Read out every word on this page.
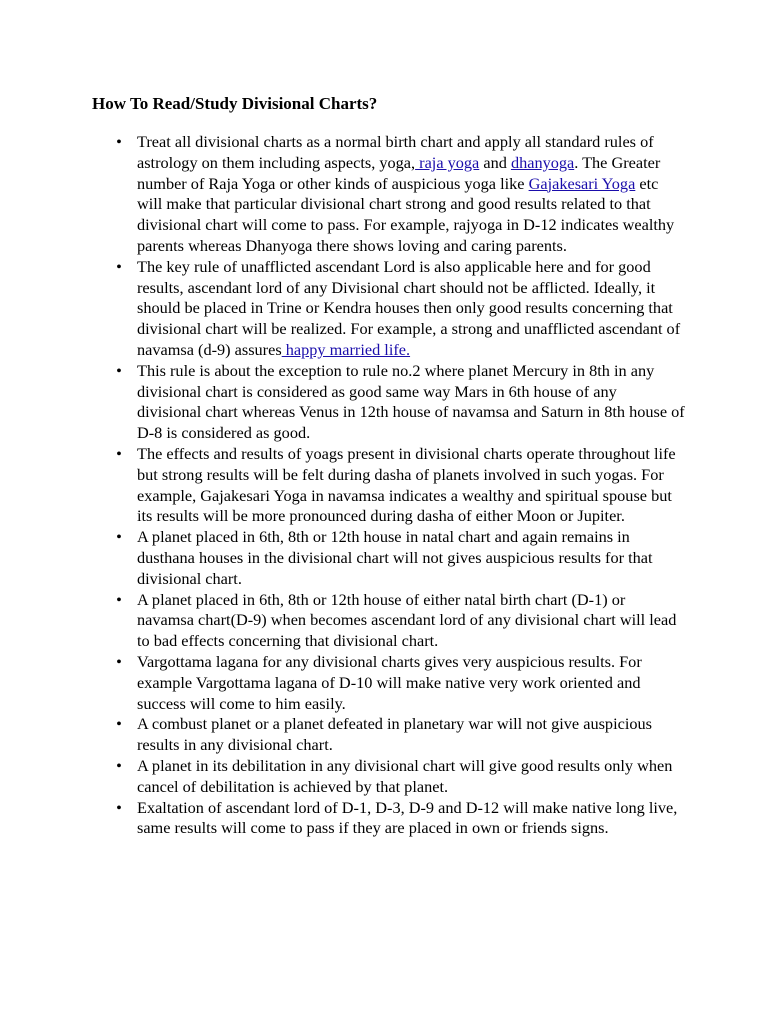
How To Read/Study Divisional Charts?
• Treat all divisional charts as a normal birth chart and apply all standard rules of astrology on them including aspects, yoga, raja yoga and dhanyoga. The Greater number of Raja Yoga or other kinds of auspicious yoga like Gajakesari Yoga etc will make that particular divisional chart strong and good results related to that divisional chart will come to pass. For example, rajyoga in D-12 indicates wealthy parents whereas Dhanyoga there shows loving and caring parents.
• The key rule of unafflicted ascendant Lord is also applicable here and for good results, ascendant lord of any Divisional chart should not be afflicted. Ideally, it should be placed in Trine or Kendra houses then only good results concerning that divisional chart will be realized. For example, a strong and unafflicted ascendant of navamsa (d-9) assures happy married life.
• This rule is about the exception to rule no.2 where planet Mercury in 8th in any divisional chart is considered as good same way Mars in 6th house of any divisional chart whereas Venus in 12th house of navamsa and Saturn in 8th house of D-8 is considered as good.
• The effects and results of yoags present in divisional charts operate throughout life but strong results will be felt during dasha of planets involved in such yogas. For example, Gajakesari Yoga in navamsa indicates a wealthy and spiritual spouse but its results will be more pronounced during dasha of either Moon or Jupiter.
• A planet placed in 6th, 8th or 12th house in natal chart and again remains in dusthana houses in the divisional chart will not gives auspicious results for that divisional chart.
• A planet placed in 6th, 8th or 12th house of either natal birth chart (D-1) or navamsa chart(D-9) when becomes ascendant lord of any divisional chart will lead to bad effects concerning that divisional chart.
• Vargottama lagana for any divisional charts gives very auspicious results. For example Vargottama lagana of D-10 will make native very work oriented and success will come to him easily.
• A combust planet or a planet defeated in planetary war will not give auspicious results in any divisional chart.
• A planet in its debilitation in any divisional chart will give good results only when cancel of debilitation is achieved by that planet.
• Exaltation of ascendant lord of D-1, D-3, D-9 and D-12 will make native long live, same results will come to pass if they are placed in own or friends signs.
